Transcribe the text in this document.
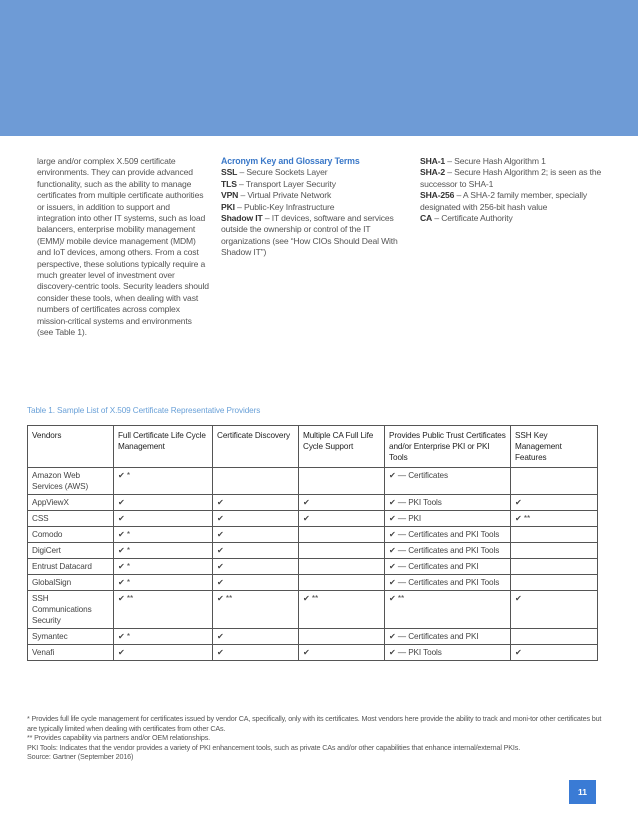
large and/or complex X.509 certificate environments. They can provide advanced functionality, such as the ability to manage certificates from multiple certificate authorities or issuers, in addition to support and integration into other IT systems, such as load balancers, enterprise mobility management (EMM)/ mobile device management (MDM) and IoT devices, among others. From a cost perspective, these solutions typically require a much greater level of investment over discovery-centric tools. Security leaders should consider these tools, when dealing with vast numbers of certificates across complex mission-critical systems and environments (see Table 1).

Acronym Key and Glossary Terms

SSL – Secure Sockets Layer

TLS – Transport Layer Security

VPN – Virtual Private Network

PKI – Public-Key Infrastructure

Shadow IT – IT devices, software and services outside the ownership or control of the IT organizations (see “How CIOs Should Deal With Shadow IT”)

SHA-1 – Secure Hash Algorithm 1

SHA-2 – Secure Hash Algorithm 2; is seen as the successor to SHA-1

SHA-256 – A SHA-2 family member, specially designated with 256-bit hash value

CA – Certificate Authority

Table 1. Sample List of X.509 Certificate Representative Providers
Vendors	Full Certificate Life Cycle Management	Certificate Discovery	Multiple CA Full Life Cycle Support	Provides Public Trust Certificates and/or Enterprise PKI or PKI Tools	SSH Key Management Features
Amazon Web Services (AWS)	✔ *			✔ — Certificates	
AppViewX	✔	✔	✔	✔ — PKI Tools	✔
CSS	✔	✔	✔	✔ — PKI	✔ **
Comodo	✔ *	✔		✔ — Certificates and PKI Tools	
DigiCert	✔ *	✔		✔ — Certificates and PKI Tools	
Entrust Datacard	✔ *	✔		✔ — Certificates and PKI	
GlobalSign	✔ *	✔		✔ — Certificates and PKI Tools	
SSH Communications Security	✔ **	✔ **	✔ **	✔ **	✔
Symantec	✔ *	✔		✔ — Certificates and PKI	
Venafi	✔	✔	✔	✔ — PKI Tools	✔

* Provides full life cycle management for certificates issued by vendor CA, specifically, only with its certificates. Most vendors here provide the ability to track and moni-tor other certificates but are typically limited when dealing with certificates from other CAs.

** Provides capability via partners and/or OEM relationships.

PKI Tools: Indicates that the vendor provides a variety of PKI enhancement tools, such as private CAs and/or other capabilities that enhance internal/external PKIs.

Source: Gartner (September 2016)

11
